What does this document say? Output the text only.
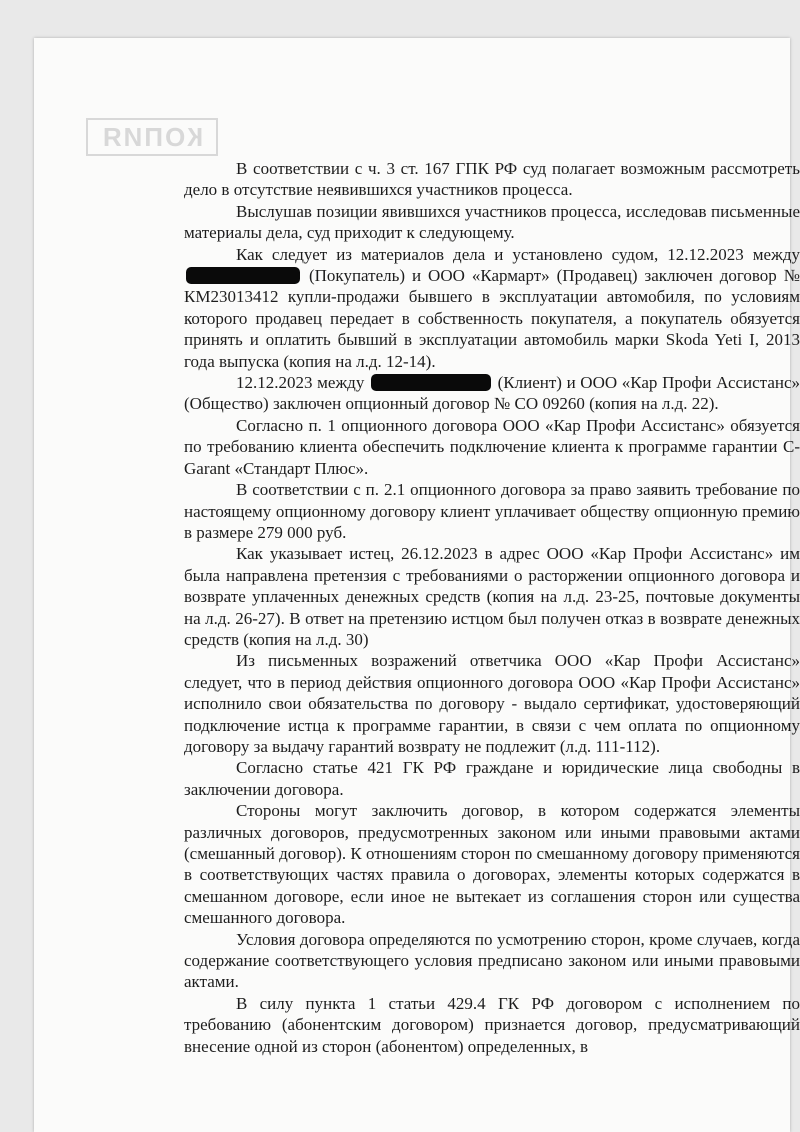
КОПИЯ

В соответствии с ч. 3 ст. 167 ГПК РФ суд полагает возможным рассмотреть дело в отсутствие неявившихся участников процесса.

Выслушав позиции явившихся участников процесса, исследовав письменные материалы дела, суд приходит к следующему.

Как следует из материалов дела и установлено судом, 12.12.2023 между  (Покупатель) и ООО «Кармарт» (Продавец) заключен договор № КМ23013412 купли-продажи бывшего в эксплуатации автомобиля, по условиям которого продавец передает в собственность покупателя, а покупатель обязуется принять и оплатить бывший в эксплуатации автомобиль марки Skoda Yeti I, 2013 года выпуска (копия на л.д. 12-14).

12.12.2023 между	(Клиент) и ООО «Кар Профи Ассистанс» (Общество) заключен опционный договор № СО 09260 (копия на л.д. 22).

Согласно п. 1 опционного договора ООО «Кар Профи Ассистанс» обязуется по требованию клиента обеспечить подключение клиента к программе гарантии C-Garant «Стандарт Плюс».

В соответствии с п. 2.1 опционного договора за право заявить требование по настоящему опционному договору клиент уплачивает обществу опционную премию в размере 279 000 руб.

Как указывает истец, 26.12.2023 в адрес ООО «Кар Профи Ассистанс» им была направлена претензия с требованиями о расторжении опционного договора и возврате уплаченных денежных средств (копия на л.д. 23-25, почтовые документы на л.д. 26-27). В ответ на претензию истцом был получен отказ в возврате денежных средств (копия на л.д. 30)

Из письменных возражений ответчика ООО «Кар Профи Ассистанс» следует, что в период действия опционного договора ООО «Кар Профи Ассистанс» исполнило свои обязательства по договору - выдало сертификат, удостоверяющий подключение истца к программе гарантии, в связи с чем оплата по опционному договору за выдачу гарантий возврату не подлежит (л.д. 111-112).

Согласно статье 421 ГК РФ граждане и юридические лица свободны в заключении договора.

Стороны могут заключить договор, в котором содержатся элементы различных договоров, предусмотренных законом или иными правовыми актами (смешанный договор). К отношениям сторон по смешанному договору применяются в соответствующих частях правила о договорах, элементы которых содержатся в смешанном договоре, если иное не вытекает из соглашения сторон или существа смешанного договора.

Условия договора определяются по усмотрению сторон, кроме случаев, когда содержание соответствующего условия предписано законом или иными правовыми актами.

В силу пункта 1 статьи 429.4 ГК РФ договором с исполнением по требованию (абонентским договором) признается договор, предусматривающий внесение одной из сторон (абонентом) определенных, в
